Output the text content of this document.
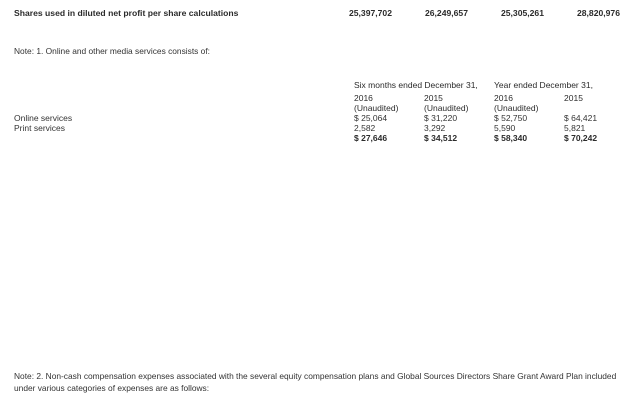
Shares used in diluted net profit per share calculations	25,397,702	26,249,657	25,305,261	28,820,976
Note: 1. Online and other media services consists of:
	Six months ended December 31,		Year ended December 31,	
	2016	2015	2016	2015
	(Unaudited)	(Unaudited)	(Unaudited)	
Online services	$ 25,064	$ 31,220	$ 52,750	$ 64,421
Print services	2,582	3,292	5,590	5,821
	$ 27,646	$ 34,512	$ 58,340	$ 70,242
Note: 2. Non-cash compensation expenses associated with the several equity compensation plans and Global Sources Directors Share Grant Award Plan included under various categories of expenses are as follows:
